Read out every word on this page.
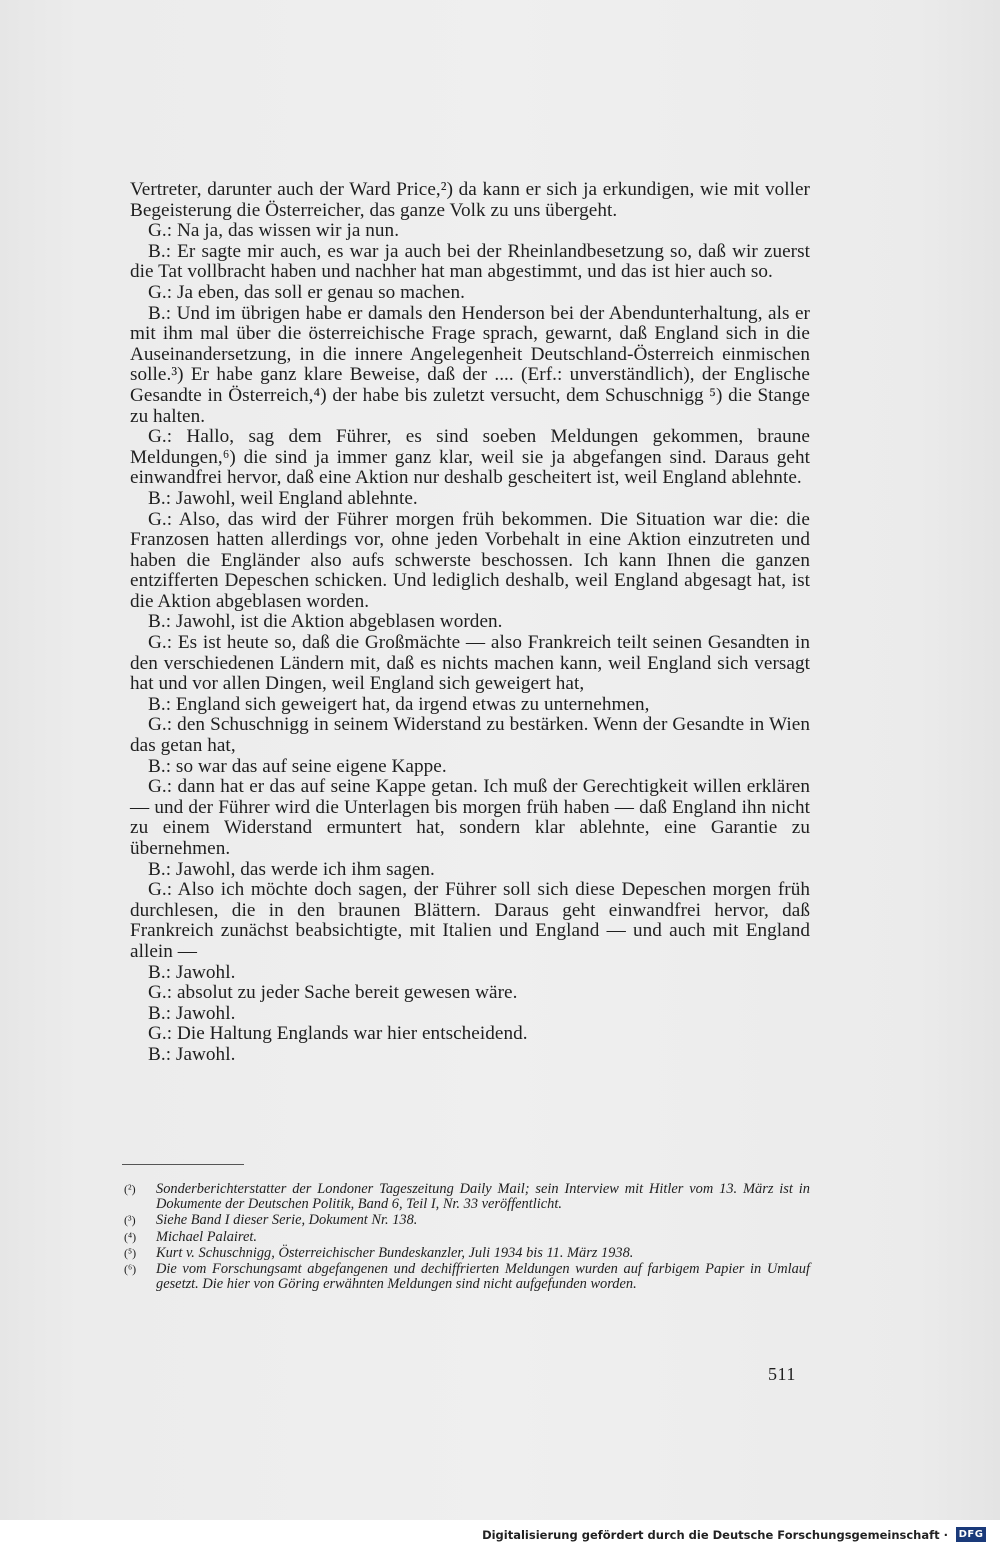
Vertreter, darunter auch der Ward Price,²) da kann er sich ja erkundigen, wie mit voller Begeisterung die Österreicher, das ganze Volk zu uns übergeht.

G.: Na ja, das wissen wir ja nun.

B.: Er sagte mir auch, es war ja auch bei der Rheinlandbesetzung so, daß wir zuerst die Tat vollbracht haben und nachher hat man abgestimmt, und das ist hier auch so.

G.: Ja eben, das soll er genau so machen.

B.: Und im übrigen habe er damals den Henderson bei der Abendunterhaltung, als er mit ihm mal über die österreichische Frage sprach, gewarnt, daß England sich in die Auseinandersetzung, in die innere Angelegenheit Deutschland-Österreich einmischen solle.³) Er habe ganz klare Beweise, daß der .... (Erf.: unverständlich), der Englische Gesandte in Österreich,⁴) der habe bis zuletzt versucht, dem Schuschnigg ⁵) die Stange zu halten.

G.: Hallo, sag dem Führer, es sind soeben Meldungen gekommen, braune Meldungen,⁶) die sind ja immer ganz klar, weil sie ja abgefangen sind. Daraus geht einwandfrei hervor, daß eine Aktion nur deshalb gescheitert ist, weil England ablehnte.

B.: Jawohl, weil England ablehnte.

G.: Also, das wird der Führer morgen früh bekommen. Die Situation war die: die Franzosen hatten allerdings vor, ohne jeden Vorbehalt in eine Aktion einzutreten und haben die Engländer also aufs schwerste beschossen. Ich kann Ihnen die ganzen entzifferten Depeschen schicken. Und lediglich deshalb, weil England abgesagt hat, ist die Aktion abgeblasen worden.

B.: Jawohl, ist die Aktion abgeblasen worden.

G.: Es ist heute so, daß die Großmächte — also Frankreich teilt seinen Gesandten in den verschiedenen Ländern mit, daß es nichts machen kann, weil England sich versagt hat und vor allen Dingen, weil England sich geweigert hat,

B.: England sich geweigert hat, da irgend etwas zu unternehmen,

G.: den Schuschnigg in seinem Widerstand zu bestärken. Wenn der Gesandte in Wien das getan hat,

B.: so war das auf seine eigene Kappe.

G.: dann hat er das auf seine Kappe getan. Ich muß der Gerechtigkeit willen erklären — und der Führer wird die Unterlagen bis morgen früh haben — daß England ihn nicht zu einem Widerstand ermuntert hat, sondern klar ablehnte, eine Garantie zu übernehmen.

B.: Jawohl, das werde ich ihm sagen.

G.: Also ich möchte doch sagen, der Führer soll sich diese Depeschen morgen früh durchlesen, die in den braunen Blättern. Daraus geht einwandfrei hervor, daß Frankreich zunächst beabsichtigte, mit Italien und England — und auch mit England allein —

B.: Jawohl.

G.: absolut zu jeder Sache bereit gewesen wäre.

B.: Jawohl.

G.: Die Haltung Englands war hier entscheidend.

B.: Jawohl.

(²)	Sonderberichterstatter der Londoner Tageszeitung Daily Mail; sein Interview mit Hitler vom 13. März ist in Dokumente der Deutschen Politik, Band 6, Teil I, Nr. 33 veröffentlicht.
(³)	Siehe Band I dieser Serie, Dokument Nr. 138.
(⁴)	Michael Palairet.
(⁵)	Kurt v. Schuschnigg, Österreichischer Bundeskanzler, Juli 1934 bis 11. März 1938.
(⁶)	Die vom Forschungsamt abgefangenen und dechiffrierten Meldungen wurden auf farbigem Papier in Umlauf gesetzt. Die hier von Göring erwähnten Meldungen sind nicht aufgefunden worden.
511
Digitalisierung gefördert durch die Deutsche Forschungsgemeinschaft · DFG
